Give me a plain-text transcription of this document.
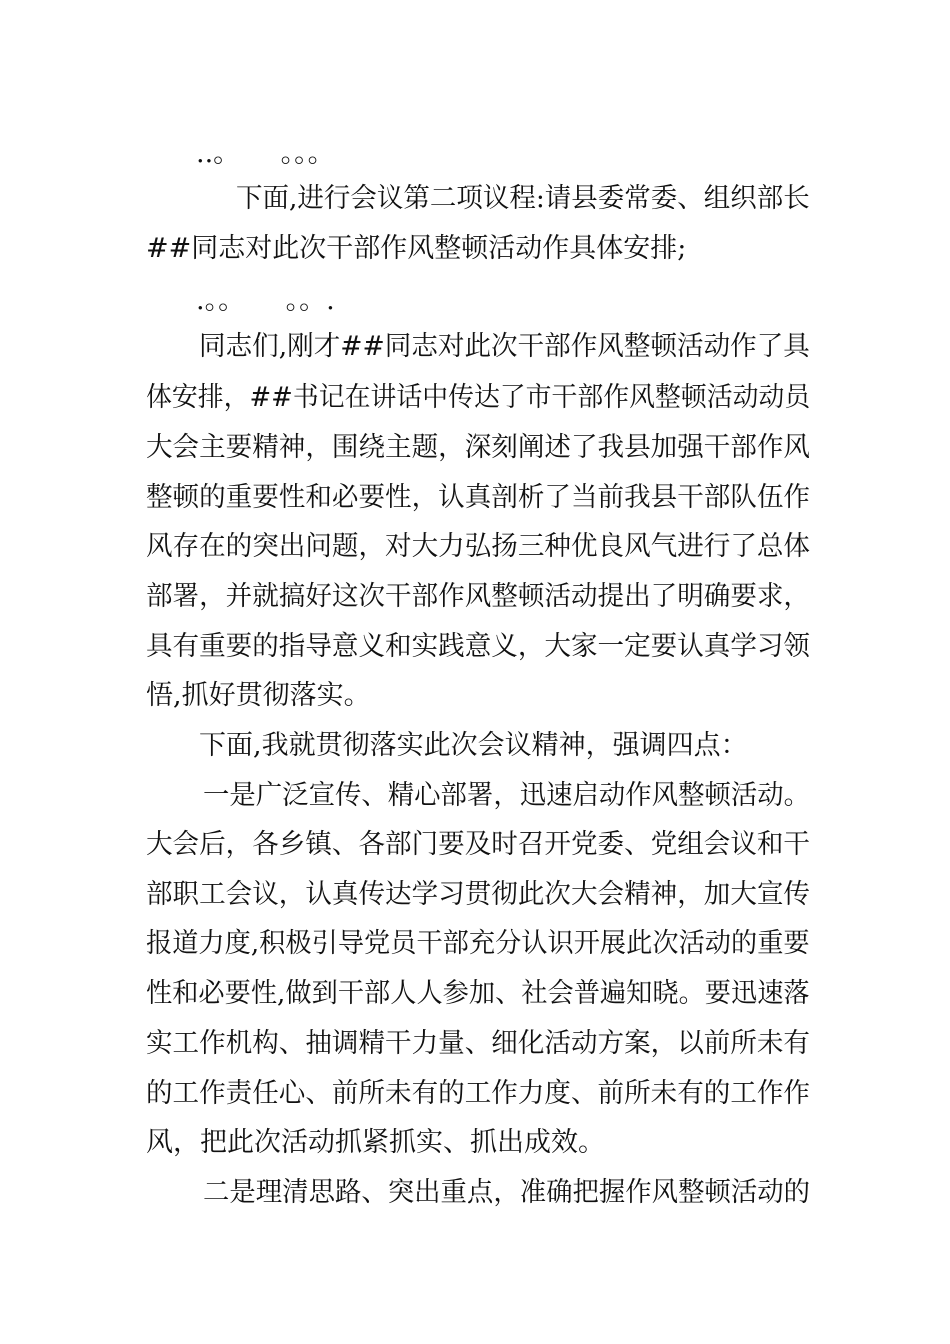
..。　　。。。
下面,进行会议第二项议程:请县委常委、组织部长
##同志对此次干部作风整顿活动作具体安排;
.。。　　。。.
同志们,刚才##同志对此次干部作风整顿活动作了具
体安排，##书记在讲话中传达了市干部作风整顿活动动员
大会主要精神，围绕主题，深刻阐述了我县加强干部作风
整顿的重要性和必要性，认真剖析了当前我县干部队伍作
风存在的突出问题，对大力弘扬三种优良风气进行了总体
部署，并就搞好这次干部作风整顿活动提出了明确要求，
具有重要的指导意义和实践意义，大家一定要认真学习领
悟,抓好贯彻落实。
下面,我就贯彻落实此次会议精神，强调四点：
一是广泛宣传、精心部署，迅速启动作风整顿活动。
大会后，各乡镇、各部门要及时召开党委、党组会议和干
部职工会议，认真传达学习贯彻此次大会精神，加大宣传
报道力度,积极引导党员干部充分认识开展此次活动的重要
性和必要性,做到干部人人参加、社会普遍知晓。要迅速落
实工作机构、抽调精干力量、细化活动方案，以前所未有
的工作责任心、前所未有的工作力度、前所未有的工作作
风，把此次活动抓紧抓实、抓出成效。
二是理清思路、突出重点，准确把握作风整顿活动的
